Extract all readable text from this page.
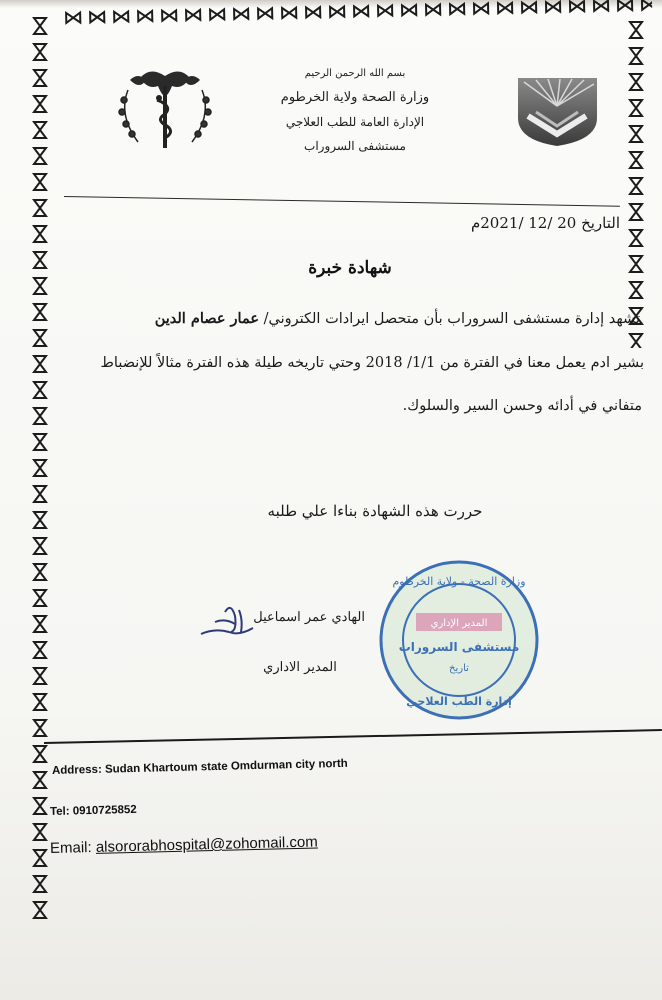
بسم الله الرحمن الرحيم
وزارة الصحة ولاية الخرطوم
الإدارة العامة للطب العلاجي
مستشفى السروراب
التاريخ 20 /12 /2021م
شهادة خبرة
تشهد إدارة مستشفى السروراب بأن متحصل ايرادات الكتروني/ عمار عصام الدين
بشير ادم يعمل معنا في الفترة من 1/1/ 2018 وحتي تاريخه طيلة هذه الفترة مثالاً للإنضباط
متفاني في أدائه وحسن السير والسلوك.
حررت هذه الشهادة بناءا علي طلبه
الهادي عمر اسماعيل
المدير الاداري
وزارة الصحة - ولاية الخرطوم
المدير الإداري
مستشفى السروراب
تاريخ
إدارة الطب العلاجي
Address: Sudan Khartoum state Omdurman city north
Tel: 0910725852
Email: alsororabhospital@zohomail.com
